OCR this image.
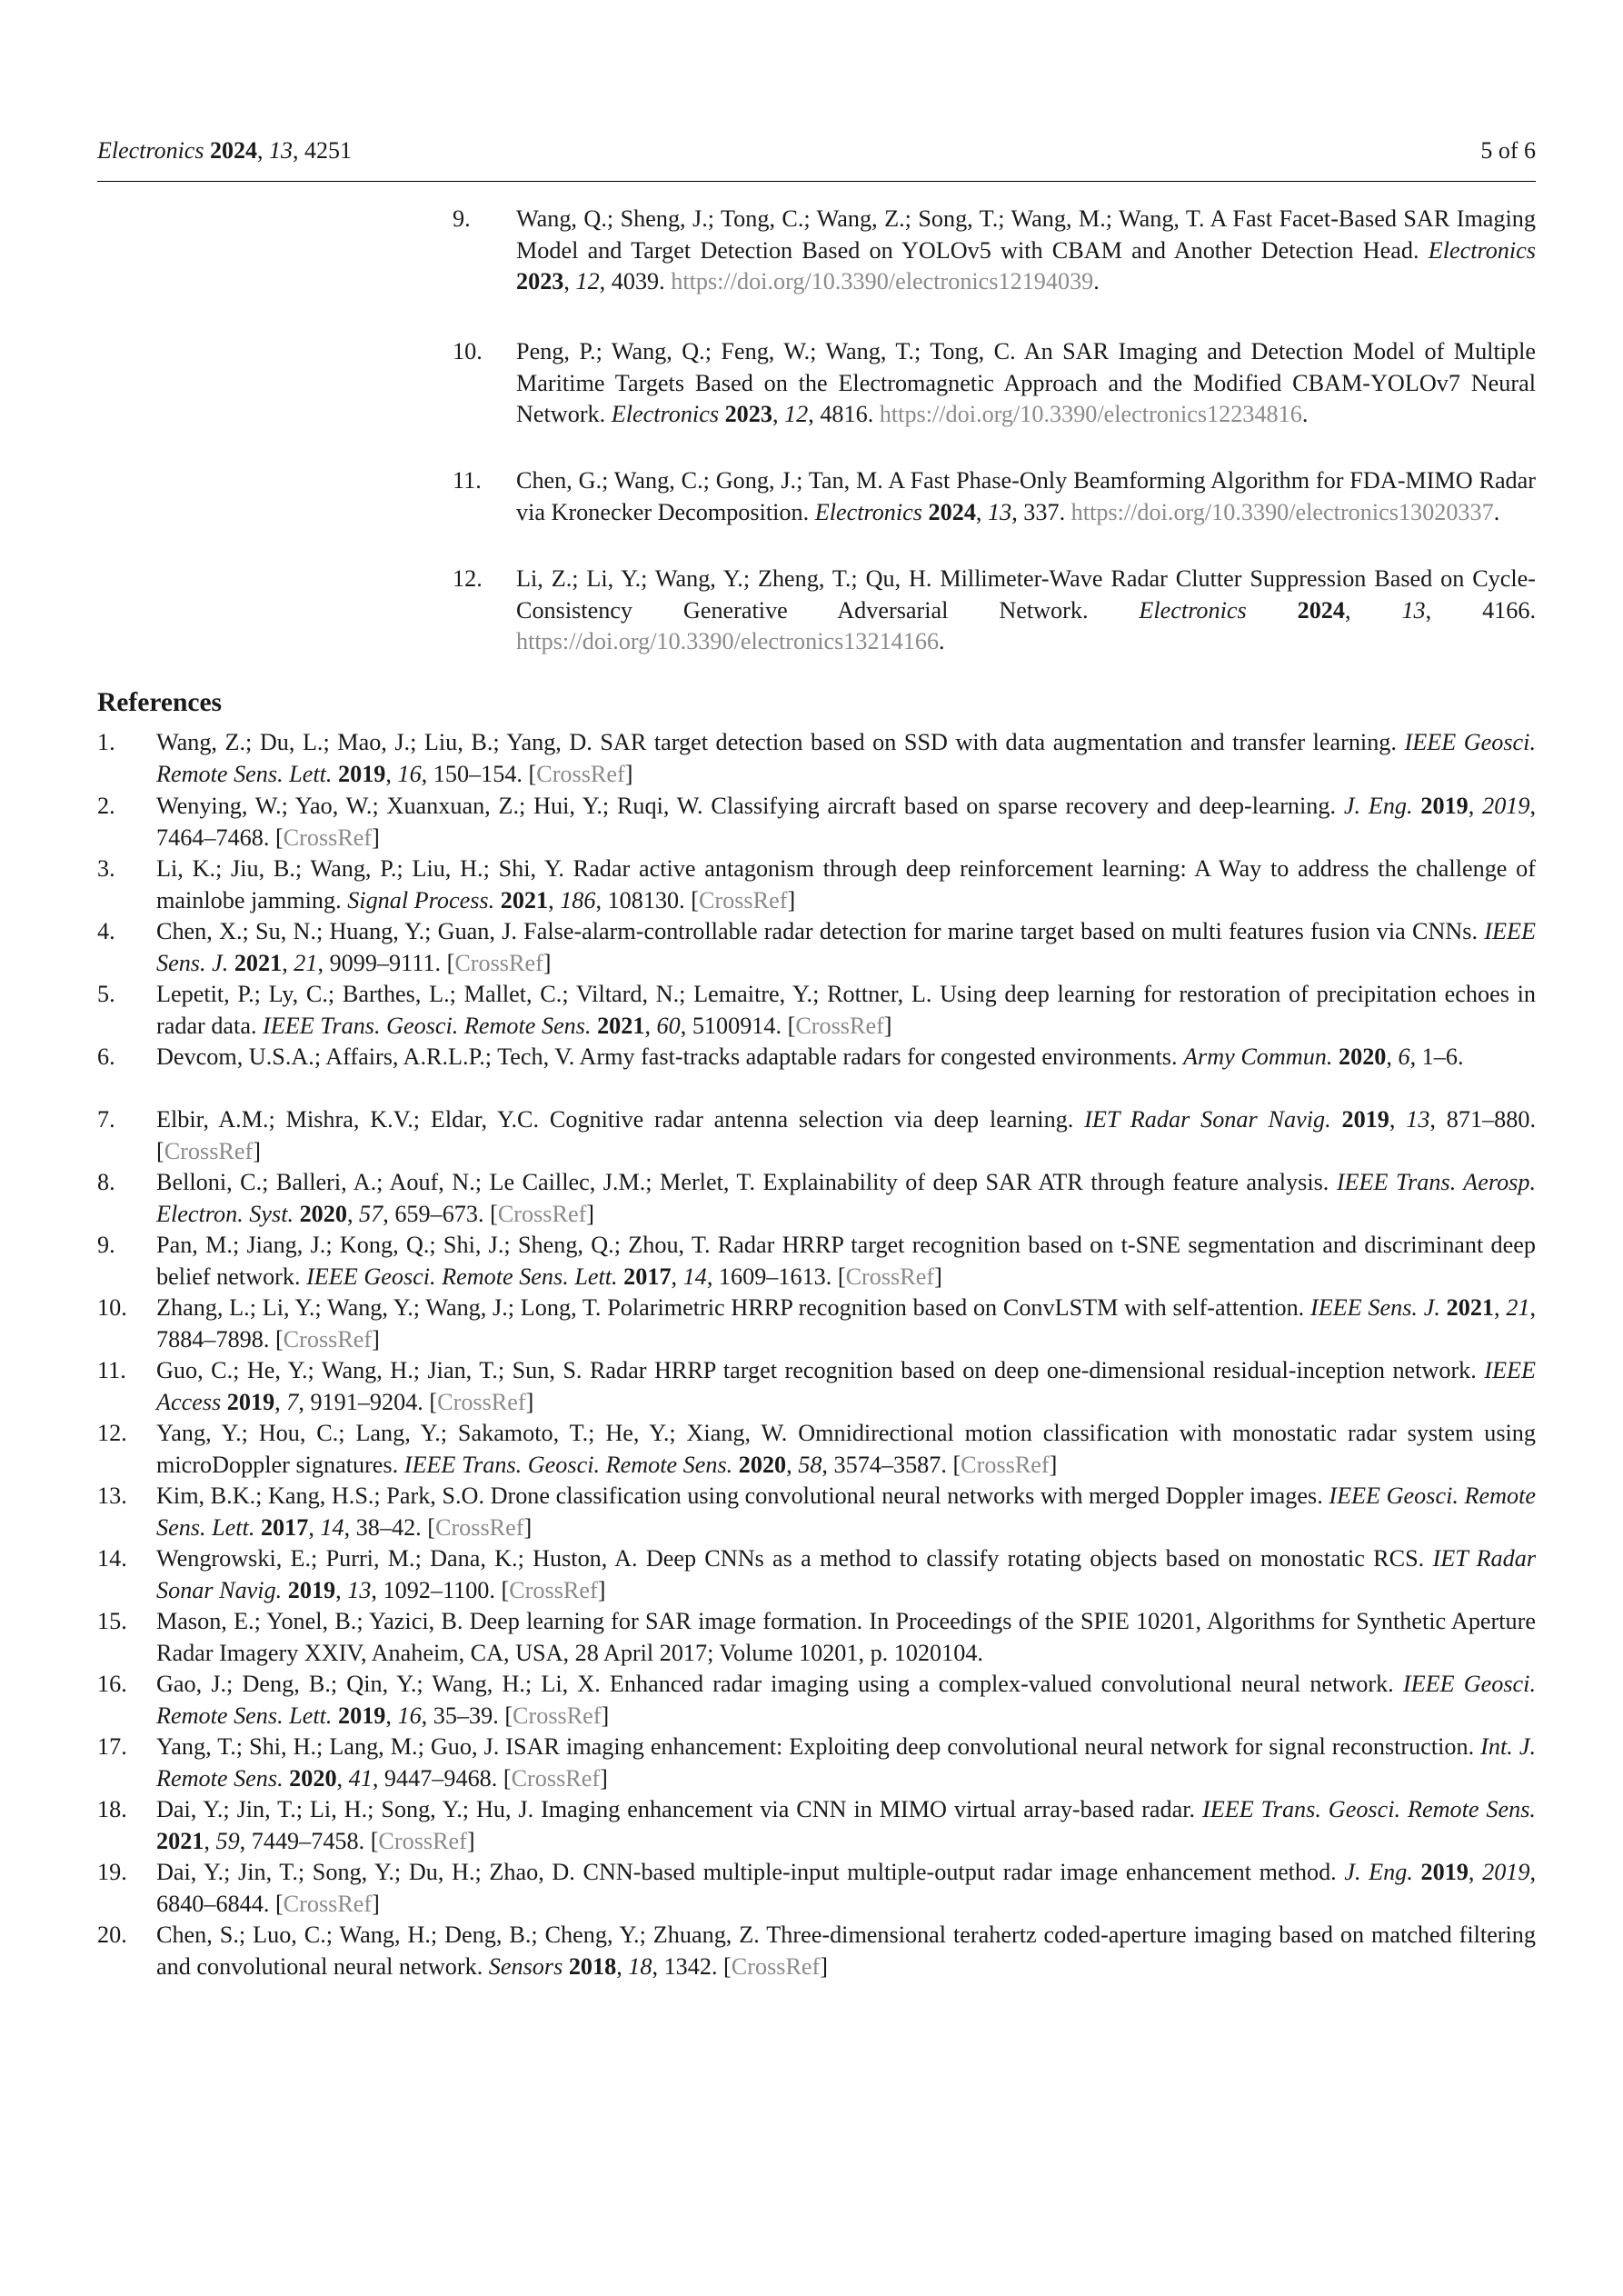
Electronics 2024, 13, 4251	5 of 6

9. Wang, Q.; Sheng, J.; Tong, C.; Wang, Z.; Song, T.; Wang, M.; Wang, T. A Fast Facet-Based SAR Imaging Model and Target Detection Based on YOLOv5 with CBAM and Another Detection Head. Electronics 2023, 12, 4039. https://doi.org/10.3390/electronics12194039.

10. Peng, P.; Wang, Q.; Feng, W.; Wang, T.; Tong, C. An SAR Imaging and Detection Model of Multiple Maritime Targets Based on the Electromagnetic Approach and the Modified CBAM-YOLOv7 Neural Network. Electronics 2023, 12, 4816. https://doi.org/10.3390/electronics12234816.

11. Chen, G.; Wang, C.; Gong, J.; Tan, M. A Fast Phase-Only Beamforming Algorithm for FDA-MIMO Radar via Kronecker Decomposition. Electronics 2024, 13, 337. https://doi.org/10.3390/electronics13020337.

12. Li, Z.; Li, Y.; Wang, Y.; Zheng, T.; Qu, H. Millimeter-Wave Radar Clutter Suppression Based on Cycle-Consistency Generative Adversarial Network. Electronics 2024, 13, 4166. https://doi.org/10.3390/electronics13214166.

References

1. Wang, Z.; Du, L.; Mao, J.; Liu, B.; Yang, D. SAR target detection based on SSD with data augmentation and transfer learning. IEEE Geosci. Remote Sens. Lett. 2019, 16, 150–154. [CrossRef]

2. Wenying, W.; Yao, W.; Xuanxuan, Z.; Hui, Y.; Ruqi, W. Classifying aircraft based on sparse recovery and deep-learning. J. Eng. 2019, 2019, 7464–7468. [CrossRef]

3. Li, K.; Jiu, B.; Wang, P.; Liu, H.; Shi, Y. Radar active antagonism through deep reinforcement learning: A Way to address the challenge of mainlobe jamming. Signal Process. 2021, 186, 108130. [CrossRef]

4. Chen, X.; Su, N.; Huang, Y.; Guan, J. False-alarm-controllable radar detection for marine target based on multi features fusion via CNNs. IEEE Sens. J. 2021, 21, 9099–9111. [CrossRef]

5. Lepetit, P.; Ly, C.; Barthes, L.; Mallet, C.; Viltard, N.; Lemaitre, Y.; Rottner, L. Using deep learning for restoration of precipitation echoes in radar data. IEEE Trans. Geosci. Remote Sens. 2021, 60, 5100914. [CrossRef]

6. Devcom, U.S.A.; Affairs, A.R.L.P.; Tech, V. Army fast-tracks adaptable radars for congested environments. Army Commun. 2020, 6, 1–6.

7. Elbir, A.M.; Mishra, K.V.; Eldar, Y.C. Cognitive radar antenna selection via deep learning. IET Radar Sonar Navig. 2019, 13, 871–880. [CrossRef]

8. Belloni, C.; Balleri, A.; Aouf, N.; Le Caillec, J.M.; Merlet, T. Explainability of deep SAR ATR through feature analysis. IEEE Trans. Aerosp. Electron. Syst. 2020, 57, 659–673. [CrossRef]

9. Pan, M.; Jiang, J.; Kong, Q.; Shi, J.; Sheng, Q.; Zhou, T. Radar HRRP target recognition based on t-SNE segmentation and discriminant deep belief network. IEEE Geosci. Remote Sens. Lett. 2017, 14, 1609–1613. [CrossRef]

10. Zhang, L.; Li, Y.; Wang, Y.; Wang, J.; Long, T. Polarimetric HRRP recognition based on ConvLSTM with self-attention. IEEE Sens. J. 2021, 21, 7884–7898. [CrossRef]

11. Guo, C.; He, Y.; Wang, H.; Jian, T.; Sun, S. Radar HRRP target recognition based on deep one-dimensional residual-inception network. IEEE Access 2019, 7, 9191–9204. [CrossRef]

12. Yang, Y.; Hou, C.; Lang, Y.; Sakamoto, T.; He, Y.; Xiang, W. Omnidirectional motion classification with monostatic radar system using microDoppler signatures. IEEE Trans. Geosci. Remote Sens. 2020, 58, 3574–3587. [CrossRef]

13. Kim, B.K.; Kang, H.S.; Park, S.O. Drone classification using convolutional neural networks with merged Doppler images. IEEE Geosci. Remote Sens. Lett. 2017, 14, 38–42. [CrossRef]

14. Wengrowski, E.; Purri, M.; Dana, K.; Huston, A. Deep CNNs as a method to classify rotating objects based on monostatic RCS. IET Radar Sonar Navig. 2019, 13, 1092–1100. [CrossRef]

15. Mason, E.; Yonel, B.; Yazici, B. Deep learning for SAR image formation. In Proceedings of the SPIE 10201, Algorithms for Synthetic Aperture Radar Imagery XXIV, Anaheim, CA, USA, 28 April 2017; Volume 10201, p. 1020104.

16. Gao, J.; Deng, B.; Qin, Y.; Wang, H.; Li, X. Enhanced radar imaging using a complex-valued convolutional neural network. IEEE Geosci. Remote Sens. Lett. 2019, 16, 35–39. [CrossRef]

17. Yang, T.; Shi, H.; Lang, M.; Guo, J. ISAR imaging enhancement: Exploiting deep convolutional neural network for signal reconstruction. Int. J. Remote Sens. 2020, 41, 9447–9468. [CrossRef]

18. Dai, Y.; Jin, T.; Li, H.; Song, Y.; Hu, J. Imaging enhancement via CNN in MIMO virtual array-based radar. IEEE Trans. Geosci. Remote Sens. 2021, 59, 7449–7458. [CrossRef]

19. Dai, Y.; Jin, T.; Song, Y.; Du, H.; Zhao, D. CNN-based multiple-input multiple-output radar image enhancement method. J. Eng. 2019, 2019, 6840–6844. [CrossRef]

20. Chen, S.; Luo, C.; Wang, H.; Deng, B.; Cheng, Y.; Zhuang, Z. Three-dimensional terahertz coded-aperture imaging based on matched filtering and convolutional neural network. Sensors 2018, 18, 1342. [CrossRef]
